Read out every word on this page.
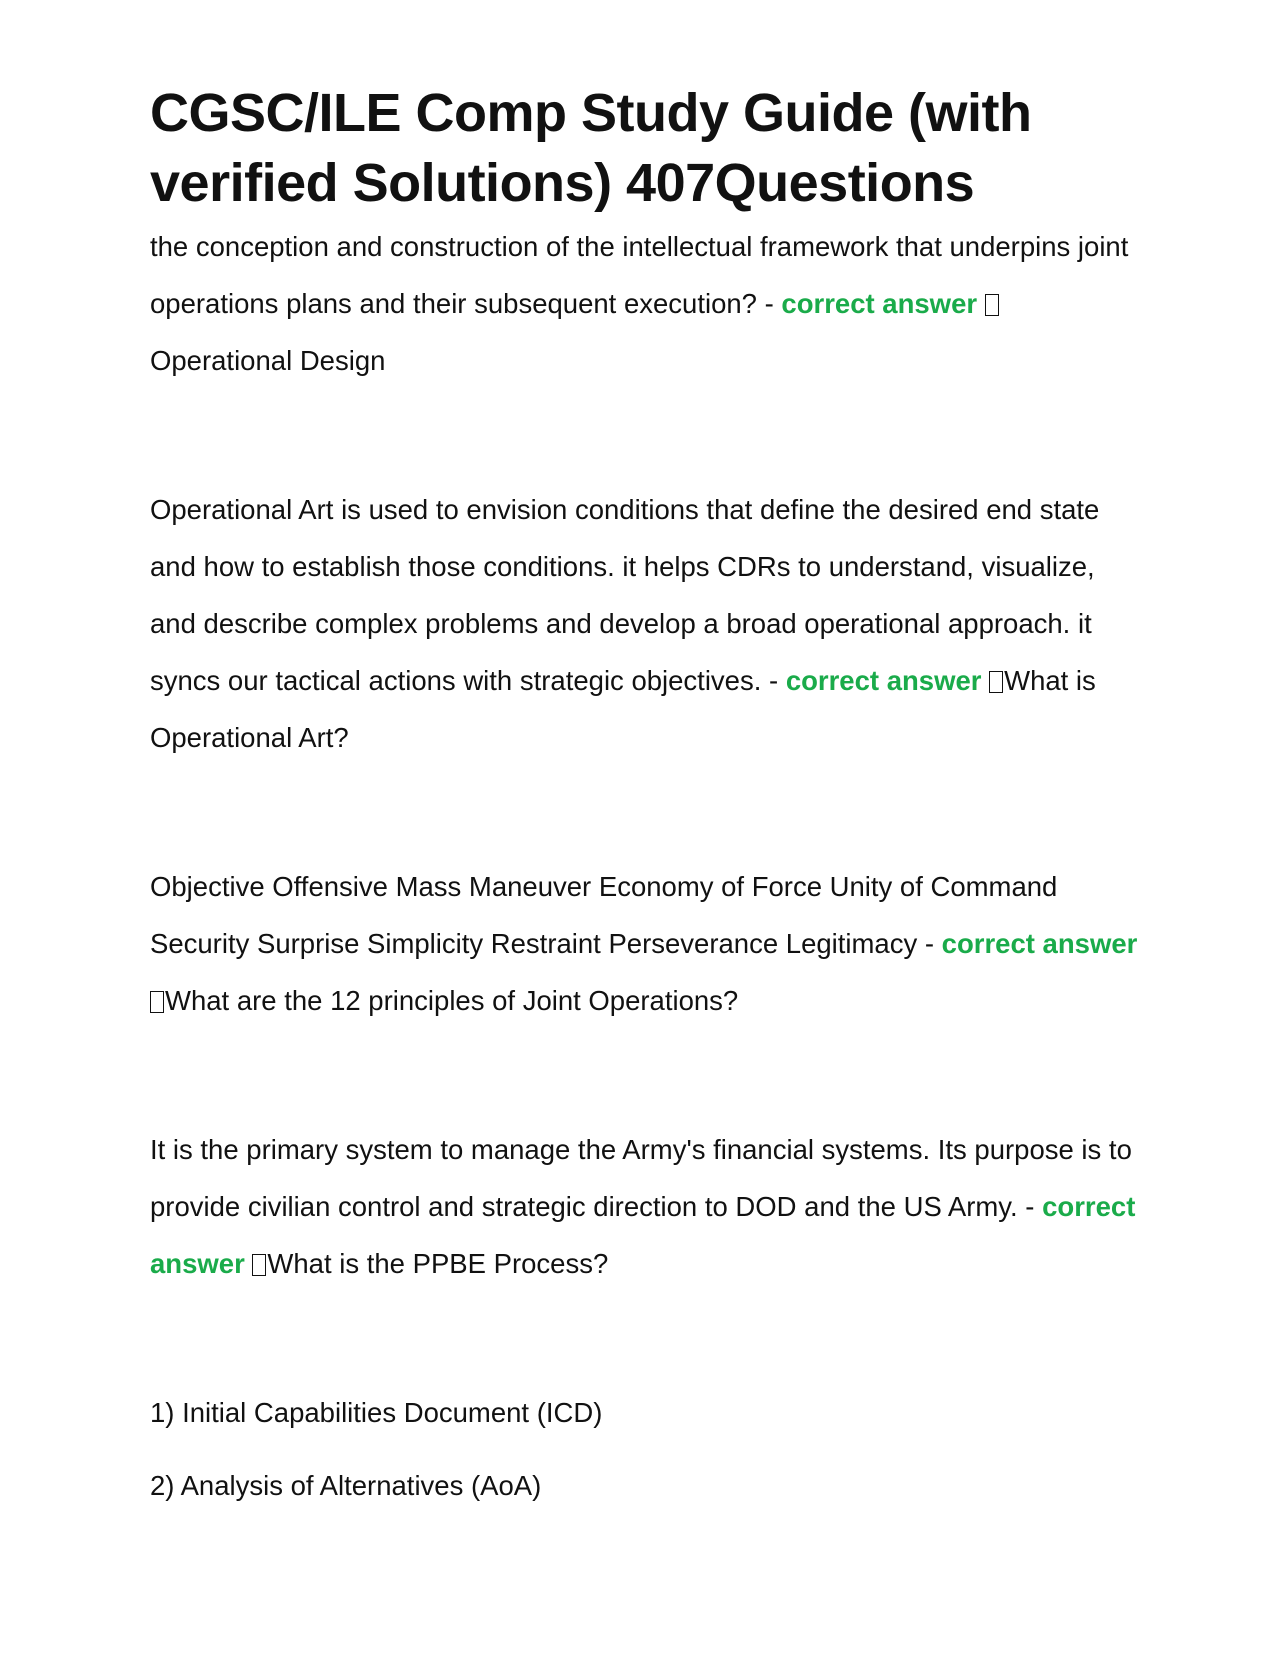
CGSC/ILE Comp Study Guide (with verified Solutions) 407Questions

the conception and construction of the intellectual framework that underpins joint operations plans and their subsequent execution? - correct answer Operational Design

Operational Art is used to envision conditions that define the desired end state and how to establish those conditions. it helps CDRs to understand, visualize, and describe complex problems and develop a broad operational approach. it syncs our tactical actions with strategic objectives. - correct answer What is Operational Art?

Objective Offensive Mass Maneuver Economy of Force Unity of Command Security Surprise Simplicity Restraint Perseverance Legitimacy - correct answer What are the 12 principles of Joint Operations?

It is the primary system to manage the Army's financial systems. Its purpose is to provide civilian control and strategic direction to DOD and the US Army. - correct answer What is the PPBE Process?

1) Initial Capabilities Document (ICD)

2) Analysis of Alternatives (AoA)
